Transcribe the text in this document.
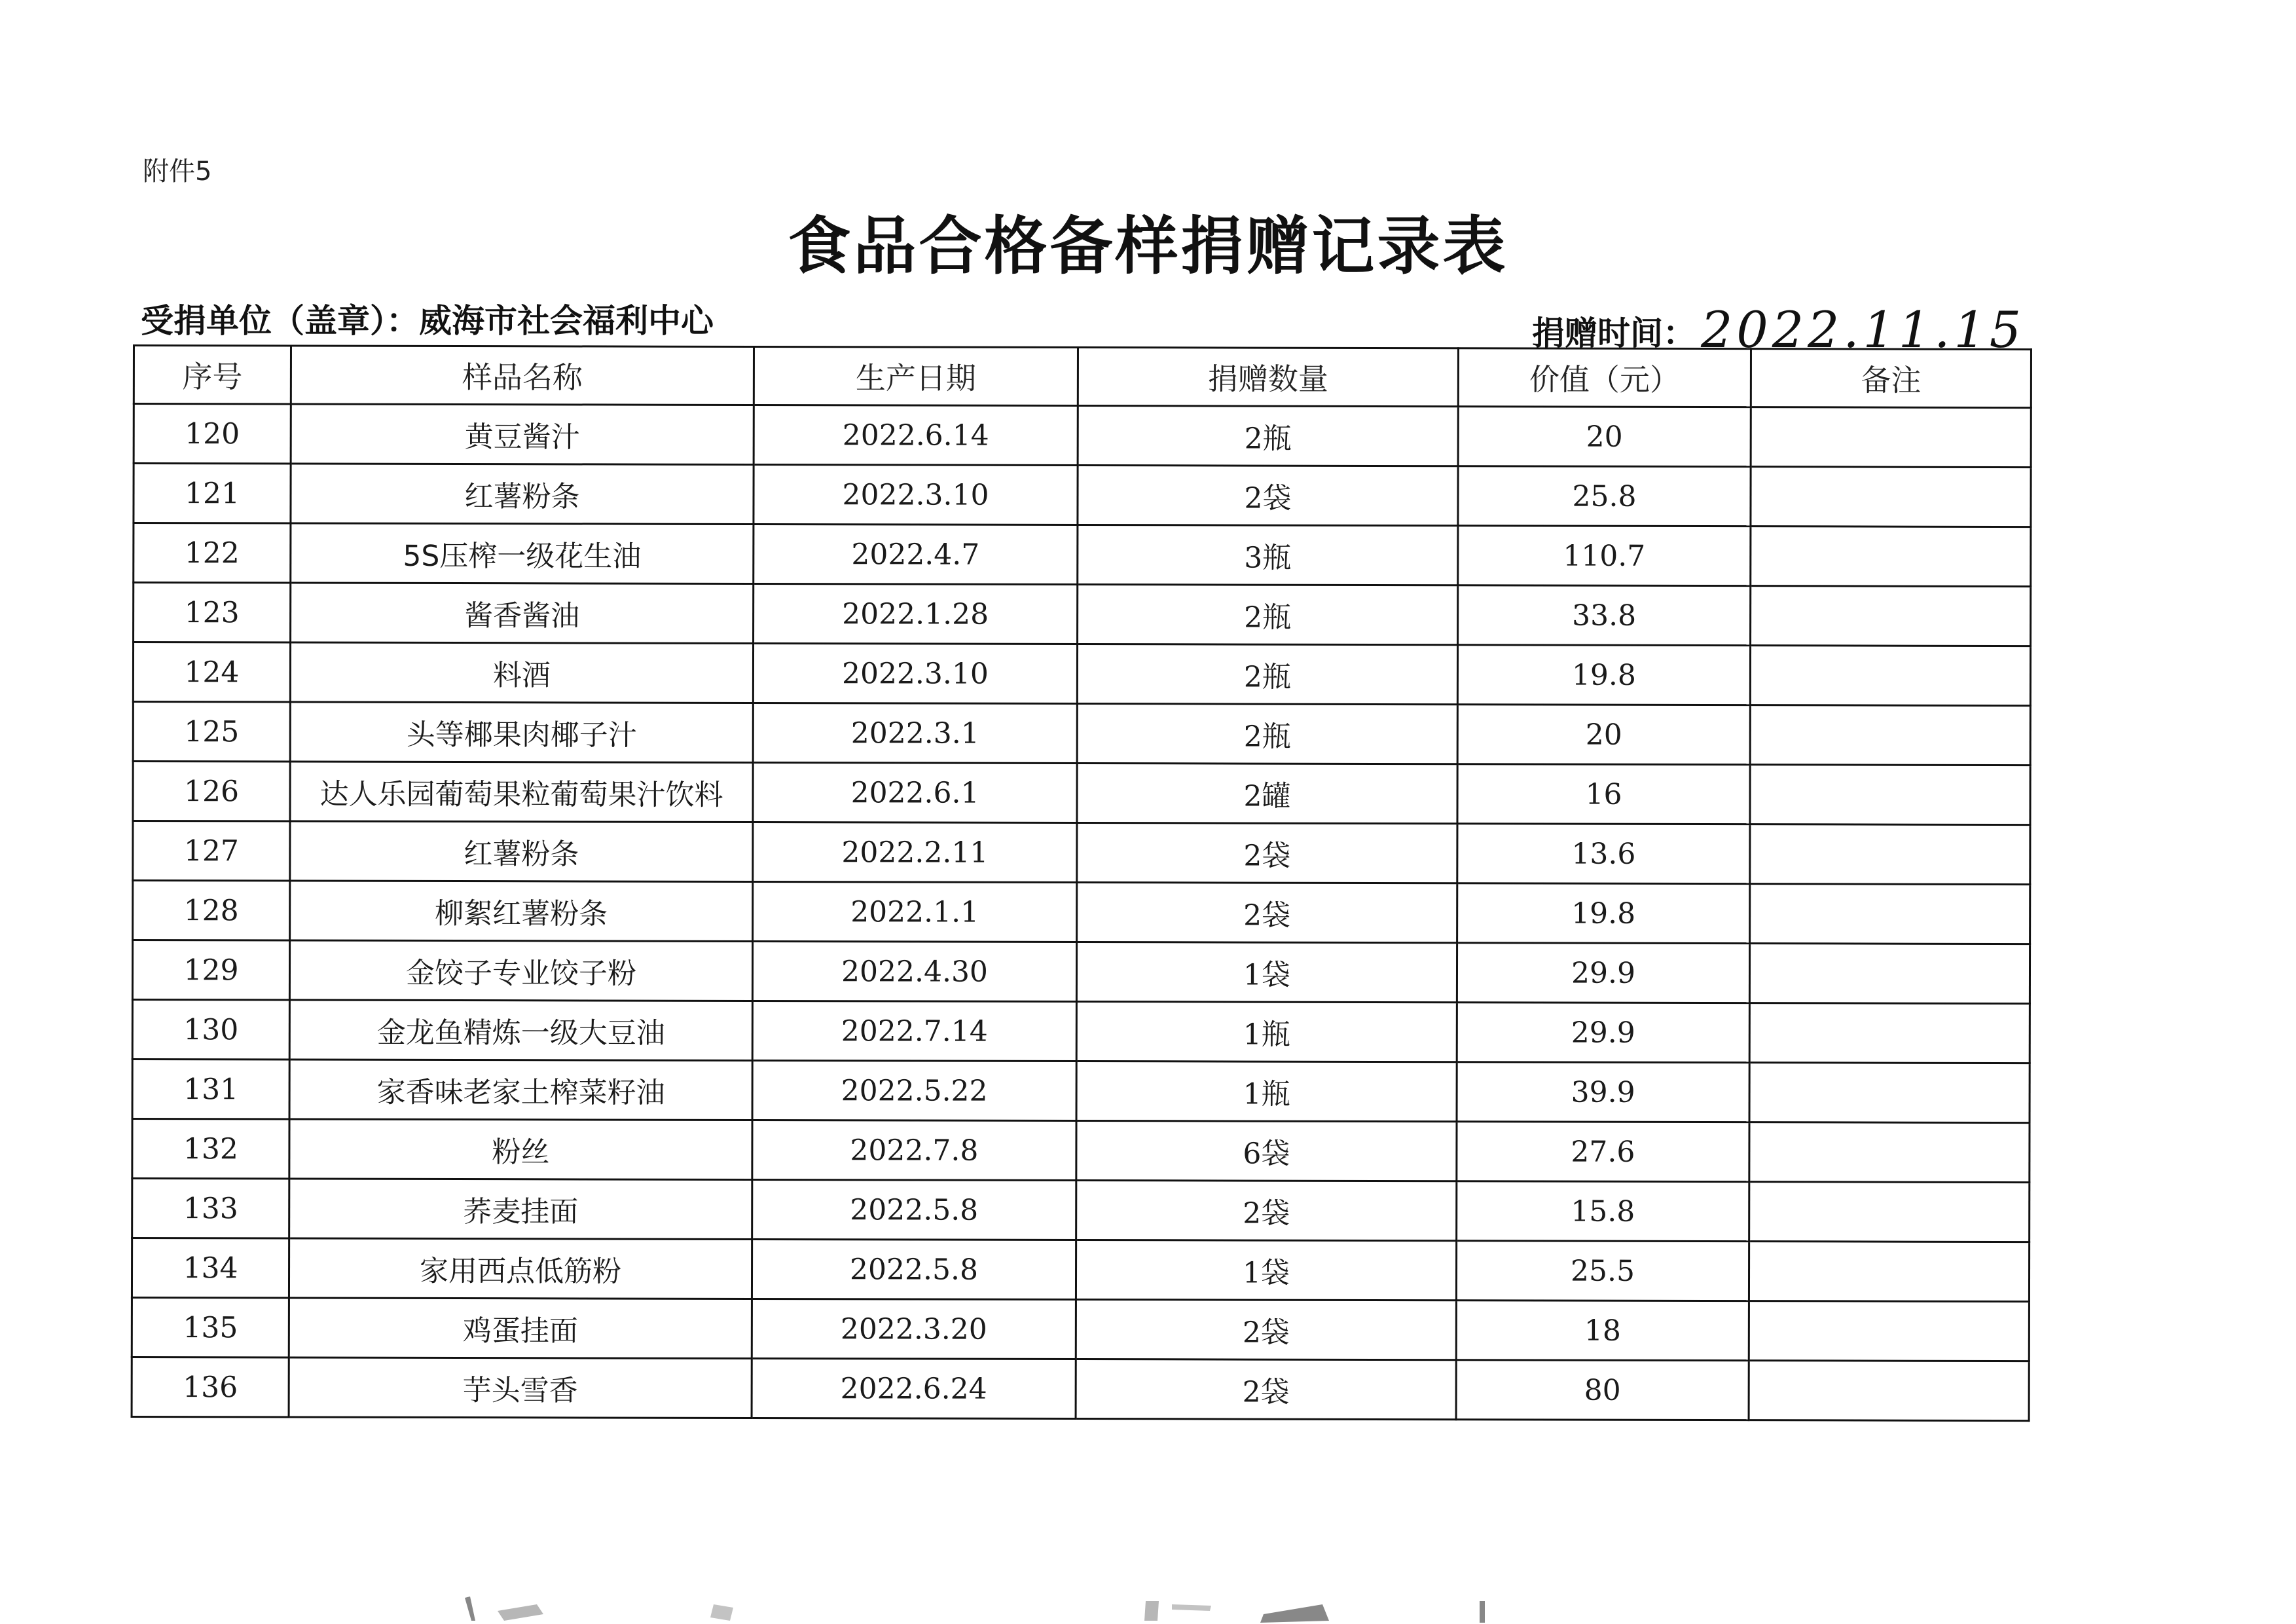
附件5
食品合格备样捐赠记录表
受捐单位（盖章）：威海市社会福利中心	捐赠时间： 2022.11.15
序号	样品名称	生产日期	捐赠数量	价值（元）	备注
120	黄豆酱汁	2022.6.14	2瓶	20	
121	红薯粉条	2022.3.10	2袋	25.8	
122	5S压榨一级花生油	2022.4.7	3瓶	110.7	
123	酱香酱油	2022.1.28	2瓶	33.8	
124	料酒	2022.3.10	2瓶	19.8	
125	头等椰果肉椰子汁	2022.3.1	2瓶	20	
126	达人乐园葡萄果粒葡萄果汁饮料	2022.6.1	2罐	16	
127	红薯粉条	2022.2.11	2袋	13.6	
128	柳絮红薯粉条	2022.1.1	2袋	19.8	
129	金饺子专业饺子粉	2022.4.30	1袋	29.9	
130	金龙鱼精炼一级大豆油	2022.7.14	1瓶	29.9	
131	家香味老家土榨菜籽油	2022.5.22	1瓶	39.9	
132	粉丝	2022.7.8	6袋	27.6	
133	荞麦挂面	2022.5.8	2袋	15.8	
134	家用西点低筋粉	2022.5.8	1袋	25.5	
135	鸡蛋挂面	2022.3.20	2袋	18	
136	芋头雪香	2022.6.24	2袋	80	
